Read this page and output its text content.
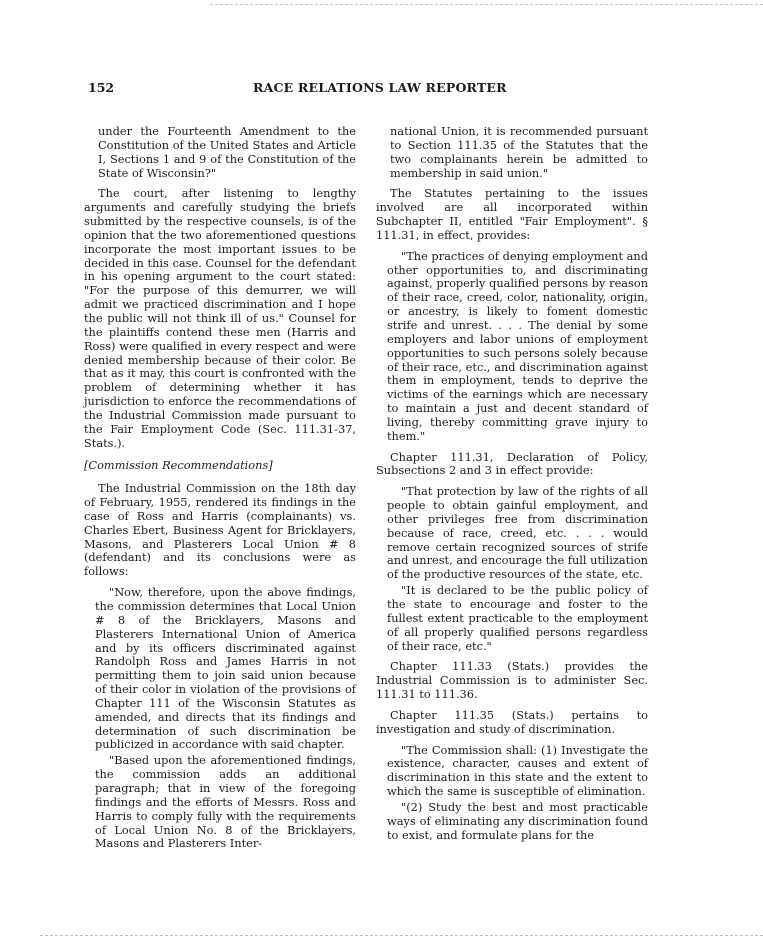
152	RACE RELATIONS LAW REPORTER

under the Fourteenth Amendment to the Constitution of the United States and Article I, Sections 1 and 9 of the Constitution of the State of Wisconsin?"

The court, after listening to lengthy arguments and carefully studying the briefs submitted by the respective counsels, is of the opinion that the two aforementioned questions incorporate the most important issues to be decided in this case. Counsel for the defendant in his opening argument to the court stated: "For the purpose of this demurrer, we will admit we practiced discrimination and I hope the public will not think ill of us." Counsel for the plaintiffs contend these men (Harris and Ross) were qualified in every respect and were denied membership because of their color. Be that as it may, this court is confronted with the problem of determining whether it has jurisdiction to enforce the recommendations of the Industrial Commission made pursuant to the Fair Employment Code (Sec. 111.31-37, Stats.).

[Commission Recommendations]

The Industrial Commission on the 18th day of February, 1955, rendered its findings in the case of Ross and Harris (complainants) vs. Charles Ebert, Business Agent for Bricklayers, Masons, and Plasterers Local Union # 8 (defendant) and its conclusions were as follows:

"Now, therefore, upon the above findings, the commission determines that Local Union # 8 of the Bricklayers, Masons and Plasterers International Union of America and by its officers discriminated against Randolph Ross and James Harris in not permitting them to join said union because of their color in violation of the provisions of Chapter 111 of the Wisconsin Statutes as amended, and directs that its findings and determination of such discrimination be publicized in accordance with said chapter.

"Based upon the aforementioned findings, the commission adds an additional paragraph; that in view of the foregoing findings and the efforts of Messrs. Ross and Harris to comply fully with the requirements of Local Union No. 8 of the Bricklayers, Masons and Plasterers Inter-

national Union, it is recommended pursuant to Section 111.35 of the Statutes that the two complainants herein be admitted to membership in said union."

The Statutes pertaining to the issues involved are all incorporated within Subchapter II, entitled "Fair Employment". § 111.31, in effect, provides:

"The practices of denying employment and other opportunities to, and discriminating against, properly qualified persons by reason of their race, creed, color, nationality, origin, or ancestry, is likely to foment domestic strife and unrest. . . . The denial by some employers and labor unions of employment opportunities to such persons solely because of their race, etc., and discrimination against them in employment, tends to deprive the victims of the earnings which are necessary to maintain a just and decent standard of living, thereby committing grave injury to them."

Chapter 111.31, Declaration of Policy, Subsections 2 and 3 in effect provide:

"That protection by law of the rights of all people to obtain gainful employment, and other privileges free from discrimination because of race, creed, etc. . . . would remove certain recognized sources of strife and unrest, and encourage the full utilization of the productive resources of the state, etc.

"It is declared to be the public policy of the state to encourage and foster to the fullest extent practicable to the employment of all properly qualified persons regardless of their race, etc."

Chapter 111.33 (Stats.) provides the Industrial Commission is to administer Sec. 111.31 to 111.36.

Chapter 111.35 (Stats.) pertains to investigation and study of discrimination.

"The Commission shall: (1) Investigate the existence, character, causes and extent of discrimination in this state and the extent to which the same is susceptible of elimination.

"(2) Study the best and most practicable ways of eliminating any discrimination found to exist, and formulate plans for the
